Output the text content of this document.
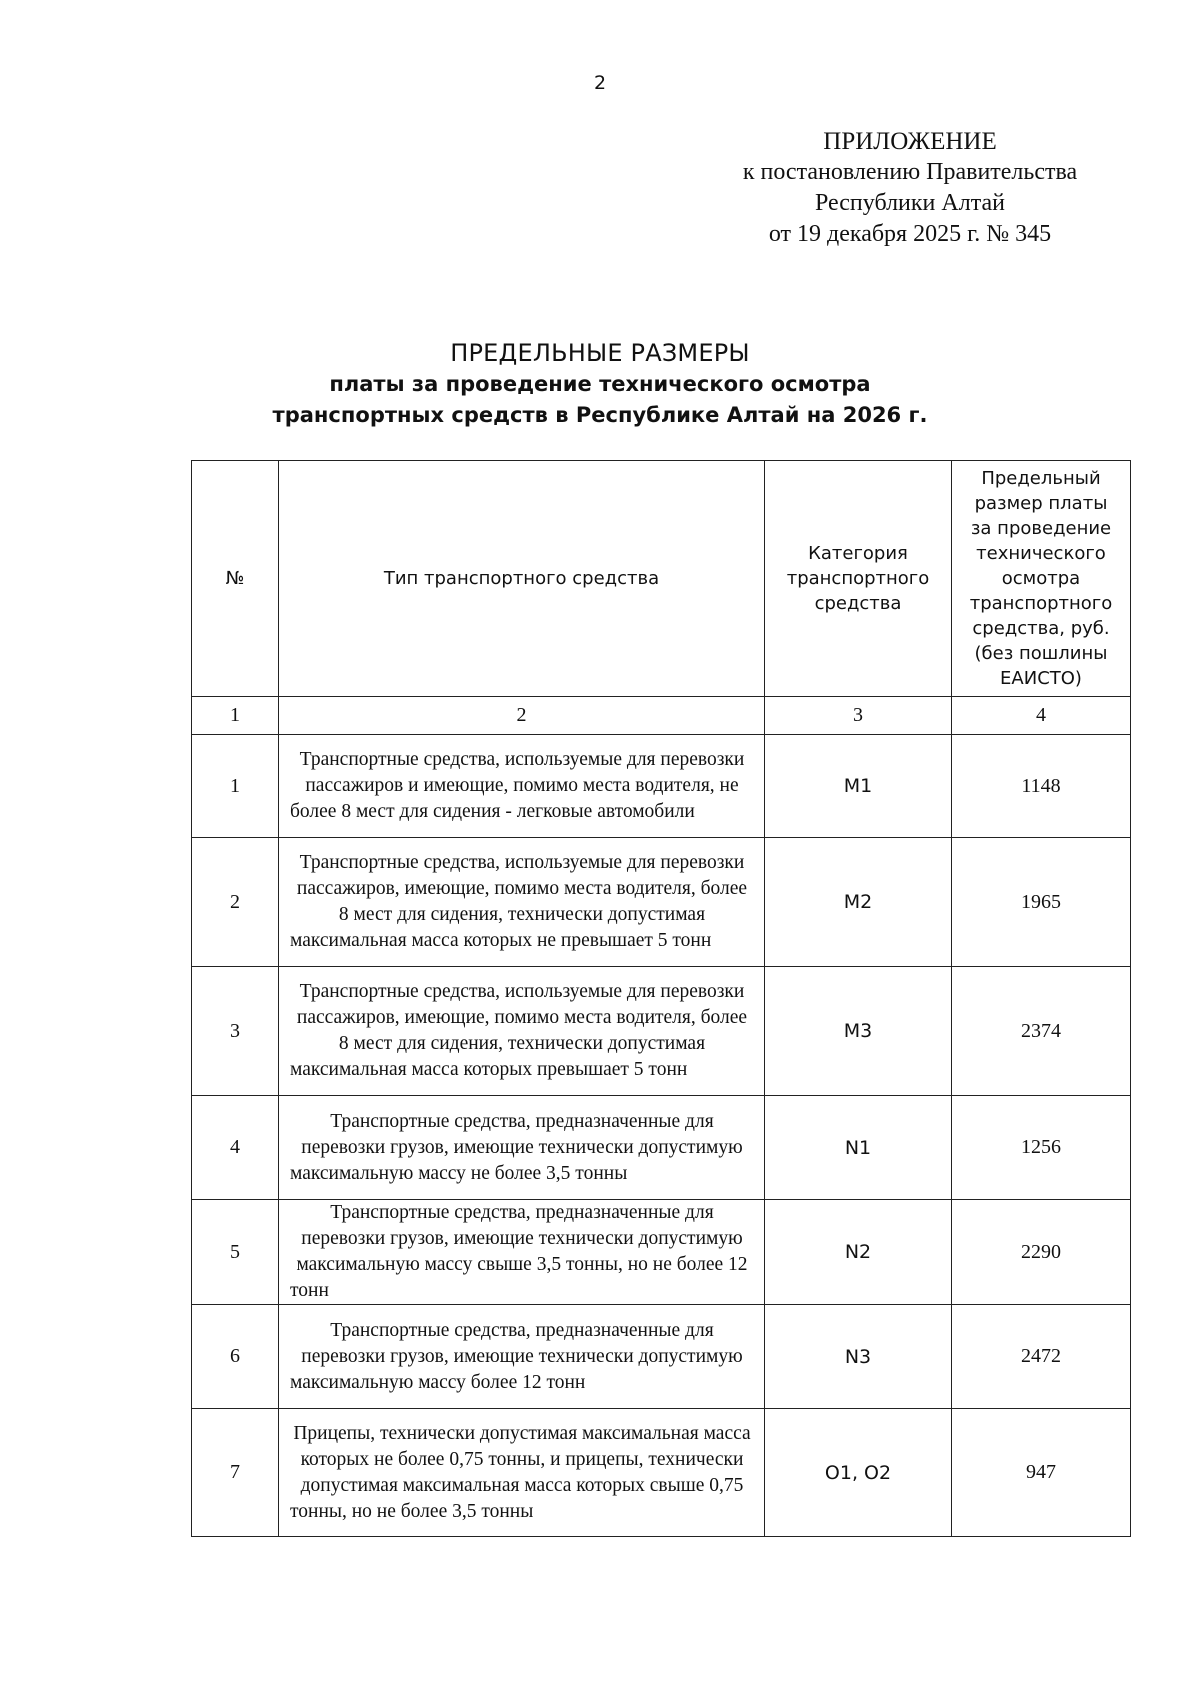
2
ПРИЛОЖЕНИЕ
к постановлению Правительства
Республики Алтай
от 19 декабря 2025 г. № 345
ПРЕДЕЛЬНЫЕ РАЗМЕРЫ
платы за проведение технического осмотра
транспортных средств в Республике Алтай на 2026 г.
№	Тип транспортного средства	Категория транспортного средства	Предельный размер платы за проведение технического осмотра транспортного средства, руб. (без пошлины ЕАИСТО)
1	2	3	4
1	Транспортные средства, используемые для перевозки пассажиров и имеющие, помимо места водителя, не более 8 мест для сидения - легковые автомобили	M1	1148
2	Транспортные средства, используемые для перевозки пассажиров, имеющие, помимо места водителя, более 8 мест для сидения, технически допустимая максимальная масса которых не превышает 5 тонн	M2	1965
3	Транспортные средства, используемые для перевозки пассажиров, имеющие, помимо места водителя, более 8 мест для сидения, технически допустимая максимальная масса которых превышает 5 тонн	M3	2374
4	Транспортные средства, предназначенные для перевозки грузов, имеющие технически допустимую максимальную массу не более 3,5 тонны	N1	1256
5	Транспортные средства, предназначенные для перевозки грузов, имеющие технически допустимую максимальную массу свыше 3,5 тонны, но не более 12 тонн	N2	2290
6	Транспортные средства, предназначенные для перевозки грузов, имеющие технически допустимую максимальную массу более 12 тонн	N3	2472
7	Прицепы, технически допустимая максимальная масса которых не более 0,75 тонны, и прицепы, технически допустимая максимальная масса которых свыше 0,75 тонны, но не более 3,5 тонны	O1, O2	947
